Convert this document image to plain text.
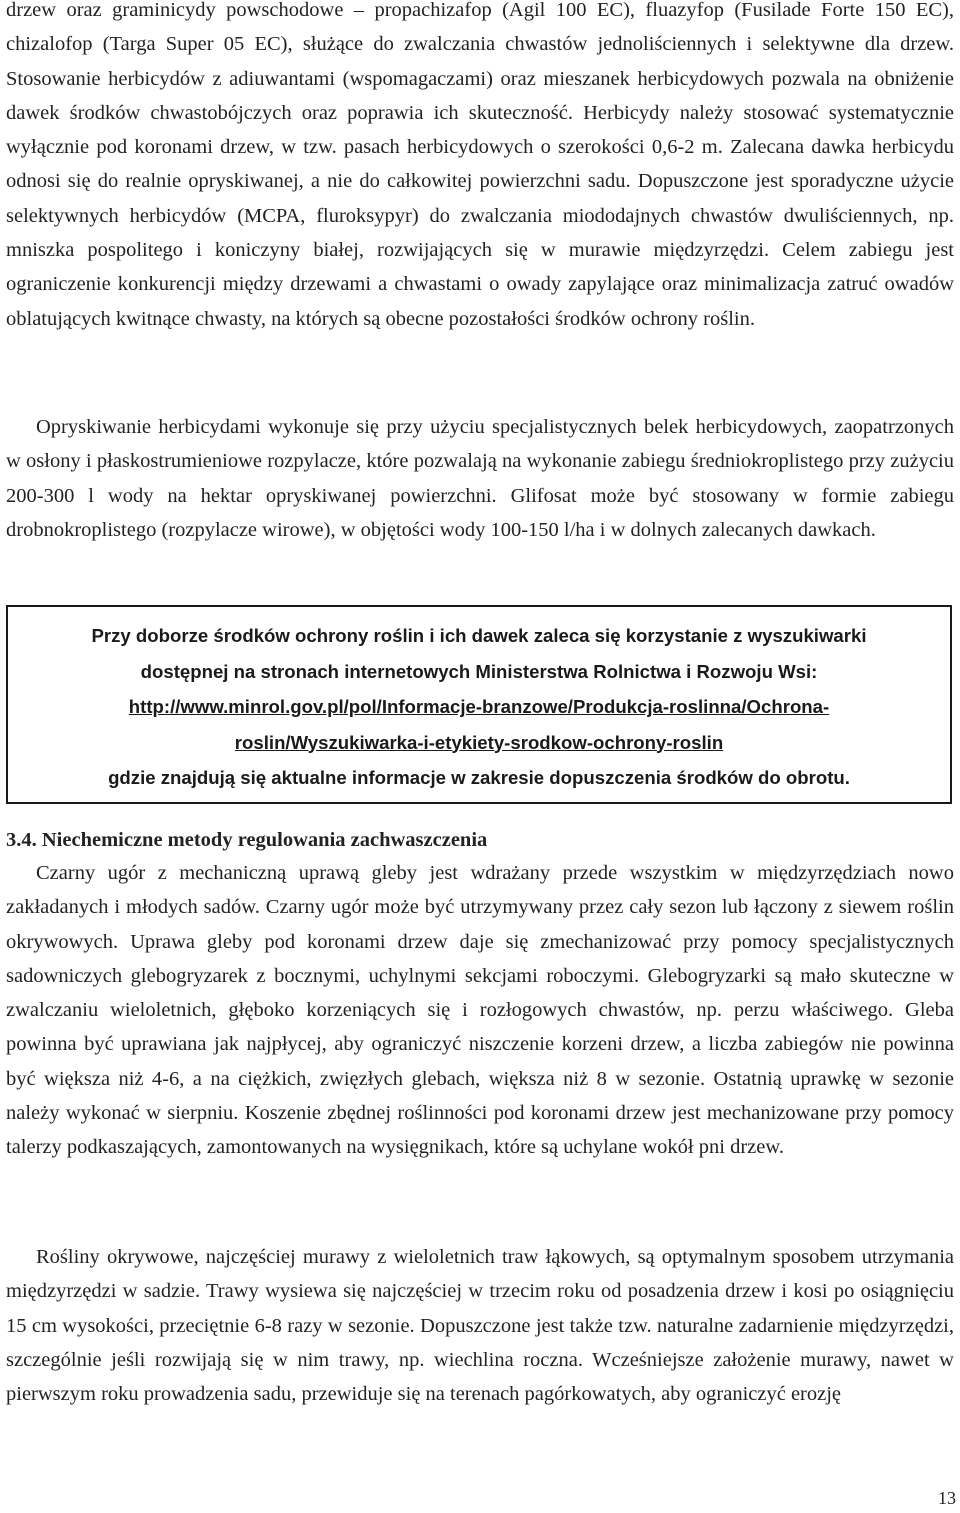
drzew oraz graminicydy powschodowe – propachizafop (Agil 100 EC), fluazyfop (Fusilade Forte 150 EC), chizalofop (Targa Super 05 EC), służące do zwalczania chwastów jednoliściennych i selektywne dla drzew. Stosowanie herbicydów z adiuwantami (wspomagaczami) oraz mieszanek herbicydowych pozwala na obniżenie dawek środków chwastobójczych oraz poprawia ich skuteczność. Herbicydy należy stosować systematycznie wyłącznie pod koronami drzew, w tzw. pasach herbicydowych o szerokości 0,6-2 m. Zalecana dawka herbicydu odnosi się do realnie opryskiwanej, a nie do całkowitej powierzchni sadu. Dopuszczone jest sporadyczne użycie selektywnych herbicydów (MCPA, fluroksypyr) do zwalczania miododajnych chwastów dwuliściennych, np. mniszka pospolitego i koniczyny białej, rozwijających się w murawie międzyrzędzi. Celem zabiegu jest ograniczenie konkurencji między drzewami a chwastami o owady zapylające oraz minimalizacja zatruć owadów oblatujących kwitnące chwasty, na których są obecne pozostałości środków ochrony roślin.

Opryskiwanie herbicydami wykonuje się przy użyciu specjalistycznych belek herbicydowych, zaopatrzonych w osłony i płaskostrumieniowe rozpylacze, które pozwalają na wykonanie zabiegu średniokroplistego przy zużyciu 200-300 l wody na hektar opryskiwanej powierzchni. Glifosat może być stosowany w formie zabiegu drobnokroplistego (rozpylacze wirowe), w objętości wody 100-150 l/ha i w dolnych zalecanych dawkach.

Przy doborze środków ochrony roślin i ich dawek zaleca się korzystanie z wyszukiwarki

dostępnej na stronach internetowych Ministerstwa Rolnictwa i Rozwoju Wsi:

http://www.minrol.gov.pl/pol/Informacje-branzowe/Produkcja-roslinna/Ochrona-
roslin/Wyszukiwarka-i-etykiety-srodkow-ochrony-roslin

gdzie znajdują się aktualne informacje w zakresie dopuszczenia środków do obrotu.

3.4. Niechemiczne metody regulowania zachwaszczenia

Czarny ugór z mechaniczną uprawą gleby jest wdrażany przede wszystkim w międzyrzędziach nowo zakładanych i młodych sadów. Czarny ugór może być utrzymywany przez cały sezon lub łączony z siewem roślin okrywowych. Uprawa gleby pod koronami drzew daje się zmechanizować przy pomocy specjalistycznych sadowniczych glebogryzarek z bocznymi, uchylnymi sekcjami roboczymi. Glebogryzarki są mało skuteczne w zwalczaniu wieloletnich, głęboko korzeniących się i rozłogowych chwastów, np. perzu właściwego. Gleba powinna być uprawiana jak najpłycej, aby ograniczyć niszczenie korzeni drzew, a liczba zabiegów nie powinna być większa niż 4-6, a na ciężkich, zwięzłych glebach, większa niż 8 w sezonie. Ostatnią uprawkę w sezonie należy wykonać w sierpniu. Koszenie zbędnej roślinności pod koronami drzew jest mechanizowane przy pomocy talerzy podkaszających, zamontowanych na wysięgnikach, które są uchylane wokół pni drzew.

Rośliny okrywowe, najczęściej murawy z wieloletnich traw łąkowych, są optymalnym sposobem utrzymania międzyrzędzi w sadzie. Trawy wysiewa się najczęściej w trzecim roku od posadzenia drzew i kosi po osiągnięciu 15 cm wysokości, przeciętnie 6-8 razy w sezonie. Dopuszczone jest także tzw. naturalne zadarnienie międzyrzędzi, szczególnie jeśli rozwijają się w nim trawy, np. wiechlina roczna. Wcześniejsze założenie murawy, nawet w pierwszym roku prowadzenia sadu, przewiduje się na terenach pagórkowatych, aby ograniczyć erozję

13
